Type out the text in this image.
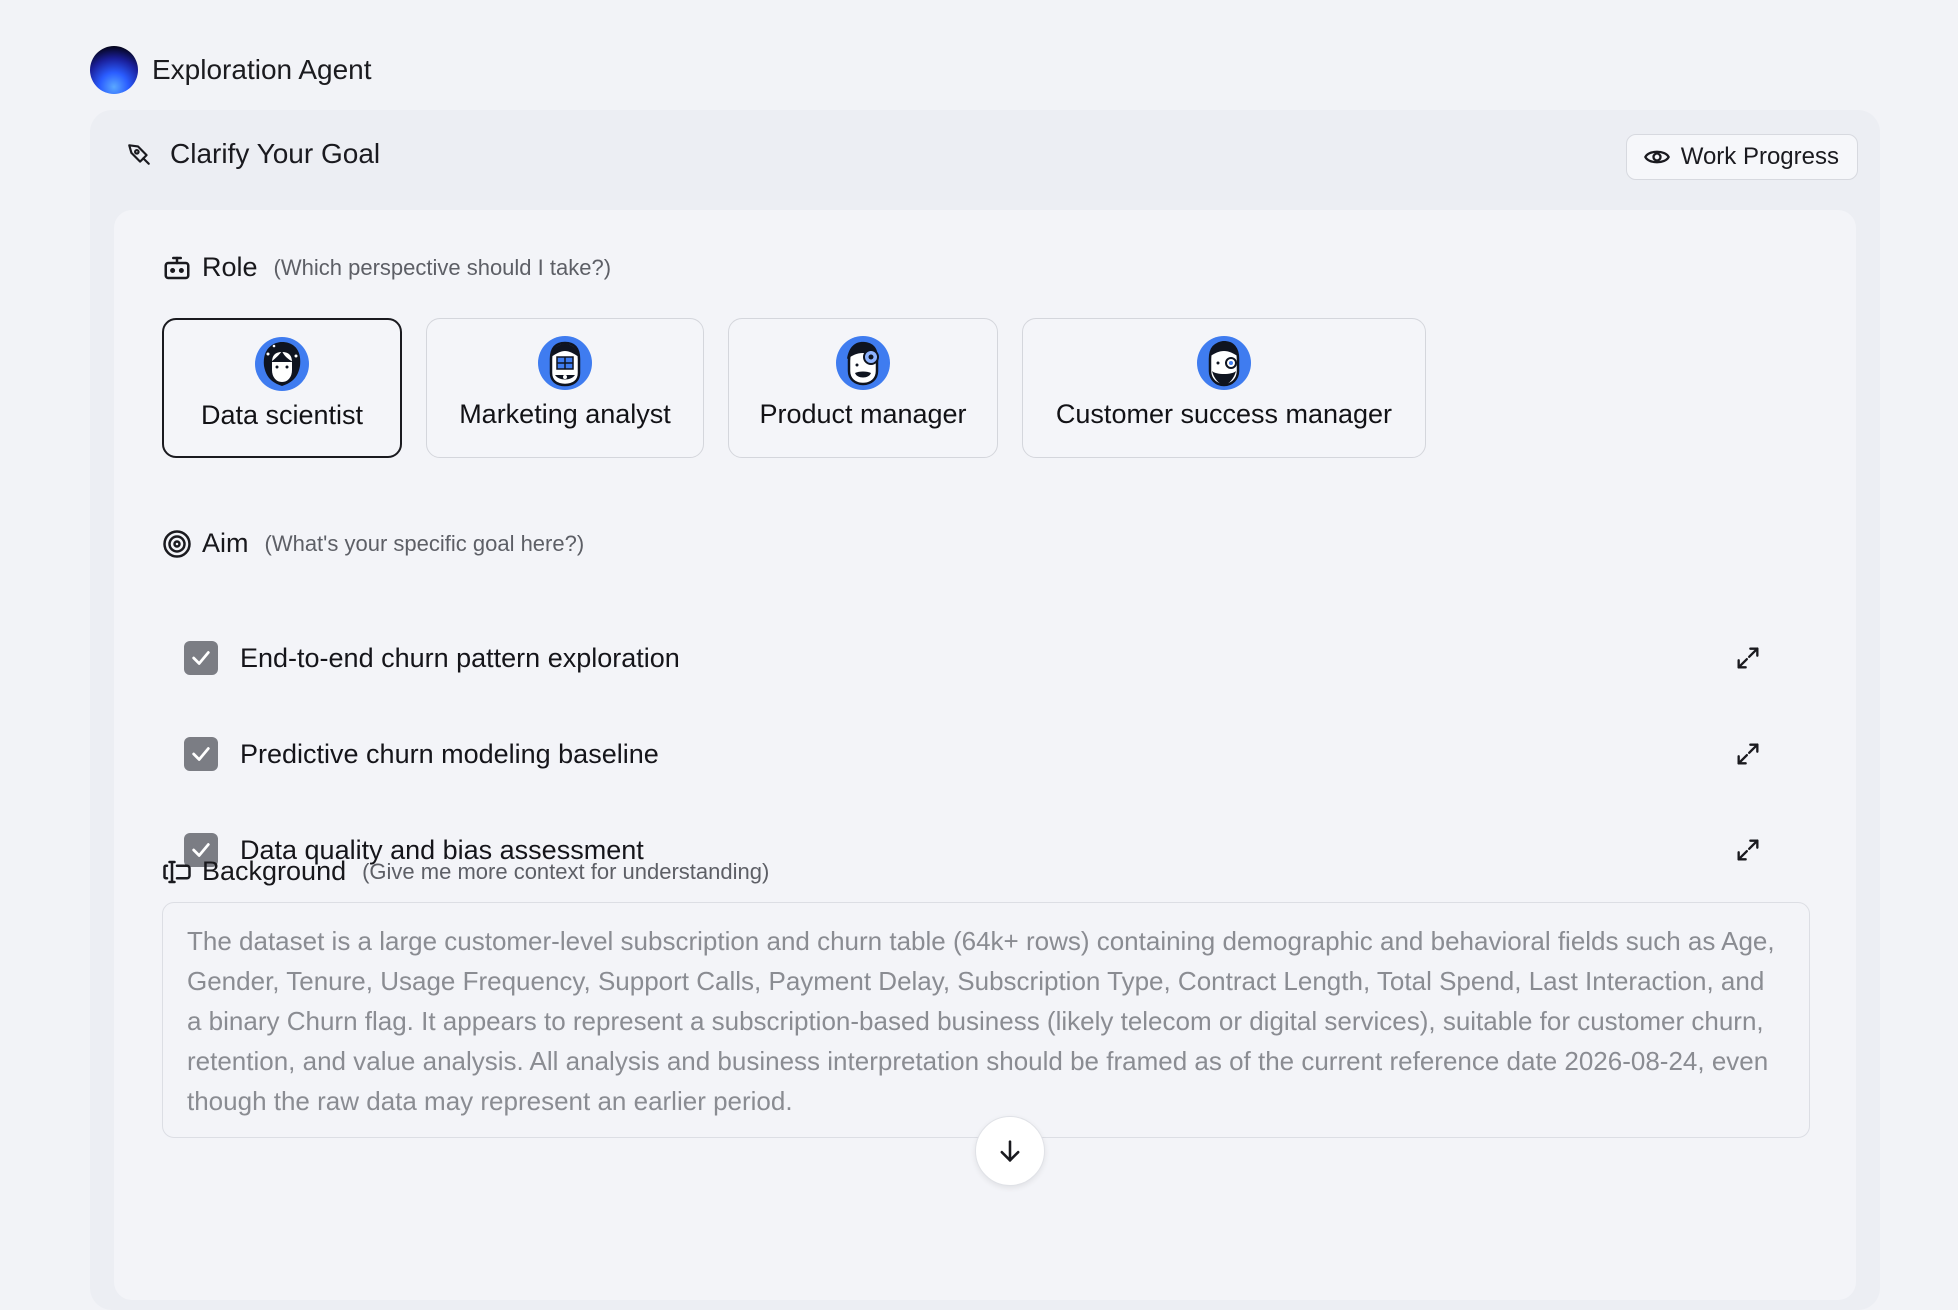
Exploration Agent
Clarify Your Goal	Work Progress
Role (Which perspective should I take?)
Data scientist	Marketing analyst	Product manager	Customer success manager
Aim (What's your specific goal here?)
End-to-end churn pattern exploration
Predictive churn modeling baseline
Data quality and bias assessment
Background (Give me more context for understanding)
The dataset is a large customer-level subscription and churn table (64k+ rows) containing demographic and behavioral fields such as Age, Gender, Tenure, Usage Frequency, Support Calls, Payment Delay, Subscription Type, Contract Length, Total Spend, Last Interaction, and a binary Churn flag. It appears to represent a subscription-based business (likely telecom or digital services), suitable for customer churn, retention, and value analysis. All analysis and business interpretation should be framed as of the current reference date 2026-08-24, even though the raw data may represent an earlier period.
